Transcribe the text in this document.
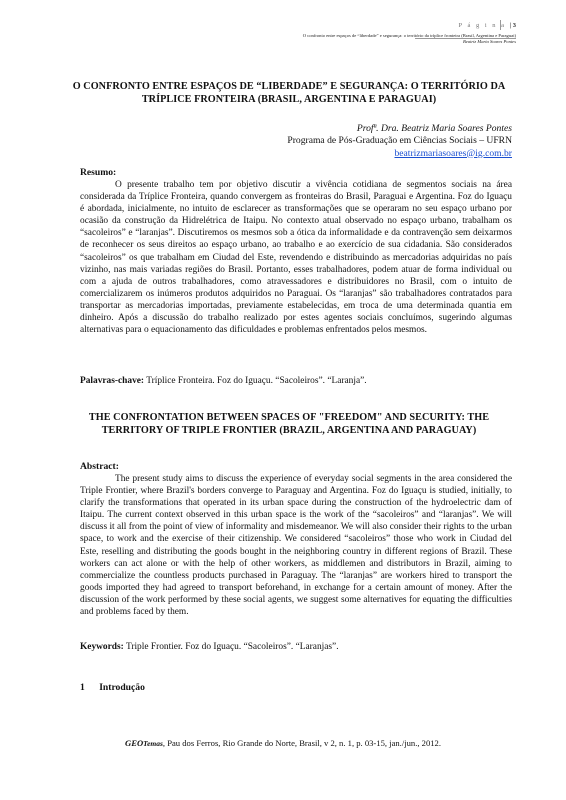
P á g i n a | 3
O confronto entre espaços de “liberdade” e segurança: o território da tríplice fronteira (Brasil, Argentina e Paraguai)
Beatriz Maria Soares Pontes
O CONFRONTO ENTRE ESPAÇOS DE “LIBERDADE” E SEGURANÇA: O TERRITÓRIO DA TRÍPLICE FRONTEIRA (BRASIL, ARGENTINA E PARAGUAI)
Profª. Dra. Beatriz Maria Soares Pontes
Programa de Pós-Graduação em Ciências Sociais – UFRN
beatrizmariasoares@ig.com.br
Resumo:
O presente trabalho tem por objetivo discutir a vivência cotidiana de segmentos sociais na área considerada da Tríplice Fronteira, quando convergem as fronteiras do Brasil, Paraguai e Argentina. Foz do Iguaçu é abordada, inicialmente, no intuito de esclarecer as transformações que se operaram no seu espaço urbano por ocasião da construção da Hidrelétrica de Itaipu. No contexto atual observado no espaço urbano, trabalham os “sacoleiros” e “laranjas”. Discutiremos os mesmos sob a ótica da informalidade e da contravenção sem deixarmos de reconhecer os seus direitos ao espaço urbano, ao trabalho e ao exercício de sua cidadania. São considerados “sacoleiros” os que trabalham em Ciudad del Este, revendendo e distribuindo as mercadorias adquiridas no país vizinho, nas mais variadas regiões do Brasil. Portanto, esses trabalhadores, podem atuar de forma individual ou com a ajuda de outros trabalhadores, como atravessadores e distribuidores no Brasil, com o intuito de comercializarem os inúmeros produtos adquiridos no Paraguai. Os “laranjas” são trabalhadores contratados para transportar as mercadorias importadas, previamente estabelecidas, em troca de uma determinada quantia em dinheiro. Após a discussão do trabalho realizado por estes agentes sociais concluímos, sugerindo algumas alternativas para o equacionamento das dificuldades e problemas enfrentados pelos mesmos.
Palavras-chave: Tríplice Fronteira. Foz do Iguaçu. “Sacoleiros”. “Laranja”.
THE CONFRONTATION BETWEEN SPACES OF "FREEDOM" AND SECURITY: THE TERRITORY OF TRIPLE FRONTIER (BRAZIL, ARGENTINA AND PARAGUAY)
Abstract:
The present study aims to discuss the experience of everyday social segments in the area considered the Triple Frontier, where Brazil's borders converge to Paraguay and Argentina. Foz do Iguaçu is studied, initially, to clarify the transformations that operated in its urban space during the construction of the hydroelectric dam of Itaipu. The current context observed in this urban space is the work of the “sacoleiros” and “laranjas”. We will discuss it all from the point of view of informality and misdemeanor. We will also consider their rights to the urban space, to work and the exercise of their citizenship. We considered “sacoleiros” those who work in Ciudad del Este, reselling and distributing the goods bought in the neighboring country in different regions of Brazil. These workers can act alone or with the help of other workers, as middlemen and distributors in Brazil, aiming to commercialize the countless products purchased in Paraguay. The “laranjas” are workers hired to transport the goods imported they had agreed to transport beforehand, in exchange for a certain amount of money. After the discussion of the work performed by these social agents, we suggest some alternatives for equating the difficulties and problems faced by them.
Keywords: Triple Frontier. Foz do Iguaçu. “Sacoleiros”. “Laranjas”.
1 Introdução
GEOTemas, Pau dos Ferros, Rio Grande do Norte, Brasil, v 2, n. 1, p. 03-15, jan./jun., 2012.
